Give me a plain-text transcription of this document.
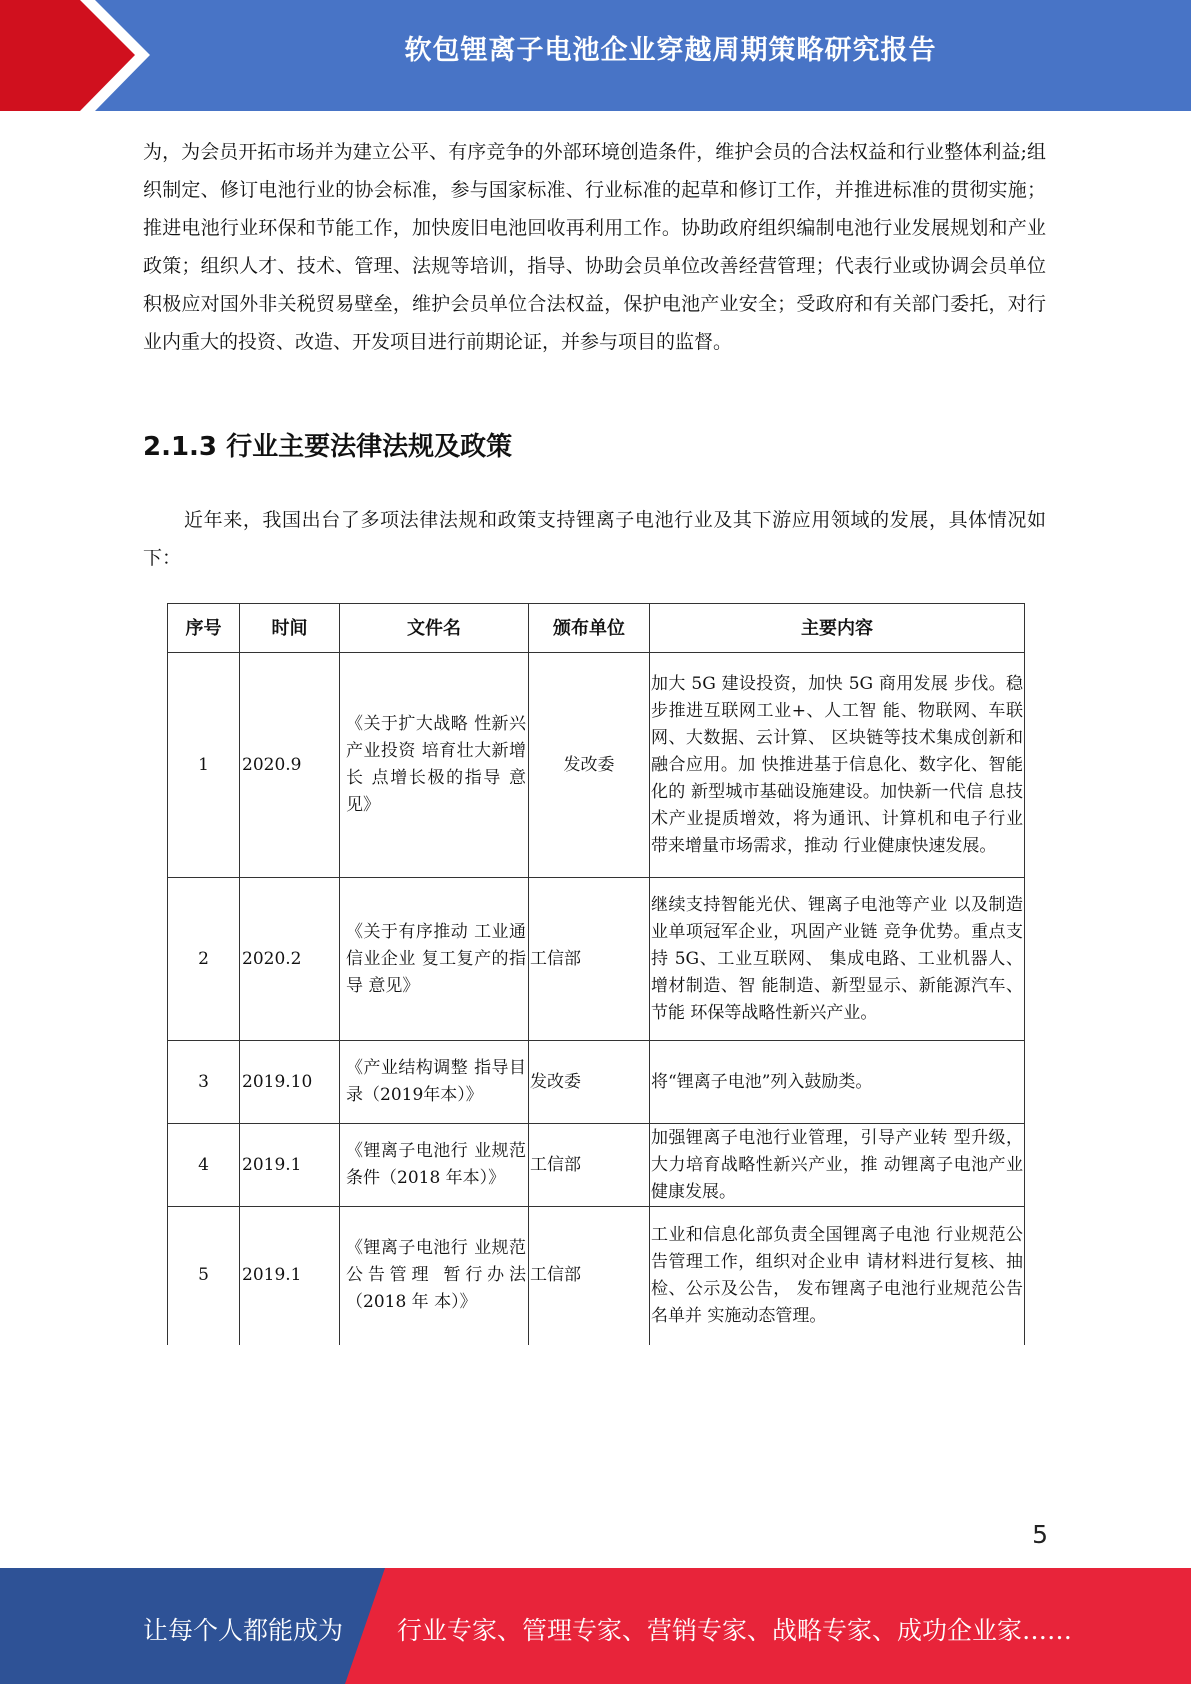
软包锂离子电池企业穿越周期策略研究报告

为，为会员开拓市场并为建立公平、有序竞争的外部环境创造条件，维护会员的合法权益和行业整体利益;组织制定、修订电池行业的协会标准，参与国家标准、行业标准的起草和修订工作，并推进标准的贯彻实施；推进电池行业环保和节能工作，加快废旧电池回收再利用工作。协助政府组织编制电池行业发展规划和产业政策；组织人才、技术、管理、法规等培训，指导、协助会员单位改善经营管理；代表行业或协调会员单位积极应对国外非关税贸易壁垒，维护会员单位合法权益，保护电池产业安全；受政府和有关部门委托，对行业内重大的投资、改造、开发项目进行前期论证，并参与项目的监督。

2.1.3 行业主要法律法规及政策

近年来，我国出台了多项法律法规和政策支持锂离子电池行业及其下游应用领域的发展，具体情况如下：

序号	时间	文件名	颁布单位	主要内容
1	2020.9	《关于扩大战略 性新兴产业投资 培育壮大新增长 点增长极的指导 意见》	发改委	加大 5G 建设投资，加快 5G 商用发展 步伐。稳步推进互联网工业+、人工智 能、物联网、车联网、大数据、云计算、 区块链等技术集成创新和融合应用。加 快推进基于信息化、数字化、智能化的 新型城市基础设施建设。加快新一代信 息技术产业提质增效，将为通讯、计算机和电子行业带来增量市场需求，推动 行业健康快速发展。
2	2020.2	《关于有序推动 工业通信业企业 复工复产的指导 意见》	工信部	继续支持智能光伏、锂离子电池等产业 以及制造业单项冠军企业，巩固产业链 竞争优势。重点支持 5G、工业互联网、 集成电路、工业机器人、增材制造、智 能制造、新型显示、新能源汽车、节能 环保等战略性新兴产业。
3	2019.10	《产业结构调整 指导目录（2019年本）》	发改委	将“锂离子电池”列入鼓励类。
4	2019.1	《锂离子电池行 业规范条件（2018 年本）》	工信部	加强锂离子电池行业管理，引导产业转 型升级，大力培育战略性新兴产业，推 动锂离子电池产业健康发展。
5	2019.1	《锂离子电池行 业规范公告管理 暂行办法（2018 年 本）》	工信部	工业和信息化部负责全国锂离子电池 行业规范公告管理工作，组织对企业申 请材料进行复核、抽检、公示及公告， 发布锂离子电池行业规范公告名单并 实施动态管理。
5
让每个人都能成为 行业专家、管理专家、营销专家、战略专家、成功企业家……
